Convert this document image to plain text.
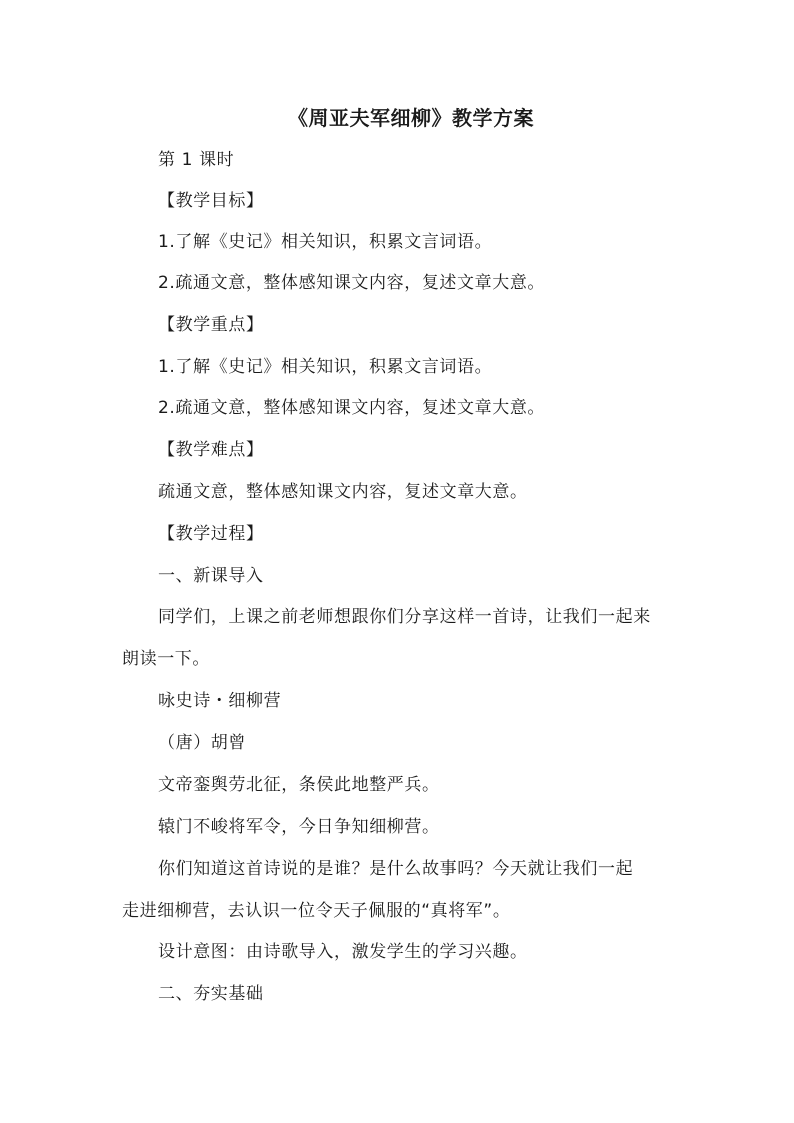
《周亚夫军细柳》教学方案
第 1 课时
【教学目标】
1.了解《史记》相关知识，积累文言词语。
2.疏通文意，整体感知课文内容，复述文章大意。
【教学重点】
1.了解《史记》相关知识，积累文言词语。
2.疏通文意，整体感知课文内容，复述文章大意。
【教学难点】
疏通文意，整体感知课文内容，复述文章大意。
【教学过程】
一、新课导入
同学们，上课之前老师想跟你们分享这样一首诗，让我们一起来
朗读一下。
咏史诗・细柳营
（唐）胡曾
文帝銮舆劳北征，条侯此地整严兵。
辕门不峻将军令，今日争知细柳营。
你们知道这首诗说的是谁？是什么故事吗？今天就让我们一起
走进细柳营，去认识一位令天子佩服的“真将军”。
设计意图：由诗歌导入，激发学生的学习兴趣。
二、夯实基础
